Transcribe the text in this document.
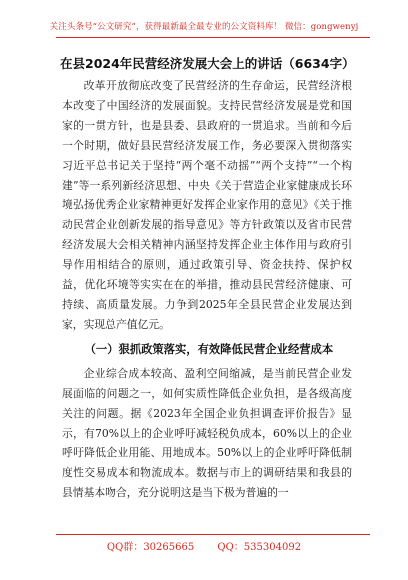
关注头条号“公文研究”，获得最新最全最专业的公文资料库！ 微信：gongwenyj
在县2024年民营经济发展大会上的讲话（6634字）

改革开放彻底改变了民营经济的生存命运，民营经济根本改变了中国经济的发展面貌。支持民营经济发展是党和国家的一贯方针，也是县委、县政府的一贯追求。当前和今后一个时期，做好县民营经济发展工作，务必要深入贯彻落实习近平总书记关于坚持“两个毫不动摇”“两个支持”“一个构建”等一系列新经济思想、中央《关于营造企业家健康成长环境弘扬优秀企业家精神更好发挥企业家作用的意见》《关于推动民营企业创新发展的指导意见》等方针政策以及省市民营经济发展大会相关精神内涵坚持发挥企业主体作用与政府引导作用相结合的原则，通过政策引导、资金扶持、保护权益，优化环境等实实在在的举措，推动县民营经济健康、可持续、高质量发展。力争到2025年全县民营企业发展达到家，实现总产值亿元。

（一）狠抓政策落实，有效降低民营企业经营成本

企业综合成本较高、盈利空间缩减，是当前民营企业发展面临的问题之一，如何实质性降低企业负担，是各级高度关注的问题。据《2023年全国企业负担调查评价报告》显示，有70%以上的企业呼吁减轻税负成本，60%以上的企业呼吁降低企业用能、用地成本。50%以上的企业呼吁降低制度性交易成本和物流成本。数据与市上的调研结果和我县的县情基本吻合，充分说明这是当下极为普遍的一

QQ群：30265665 QQ：535304092
